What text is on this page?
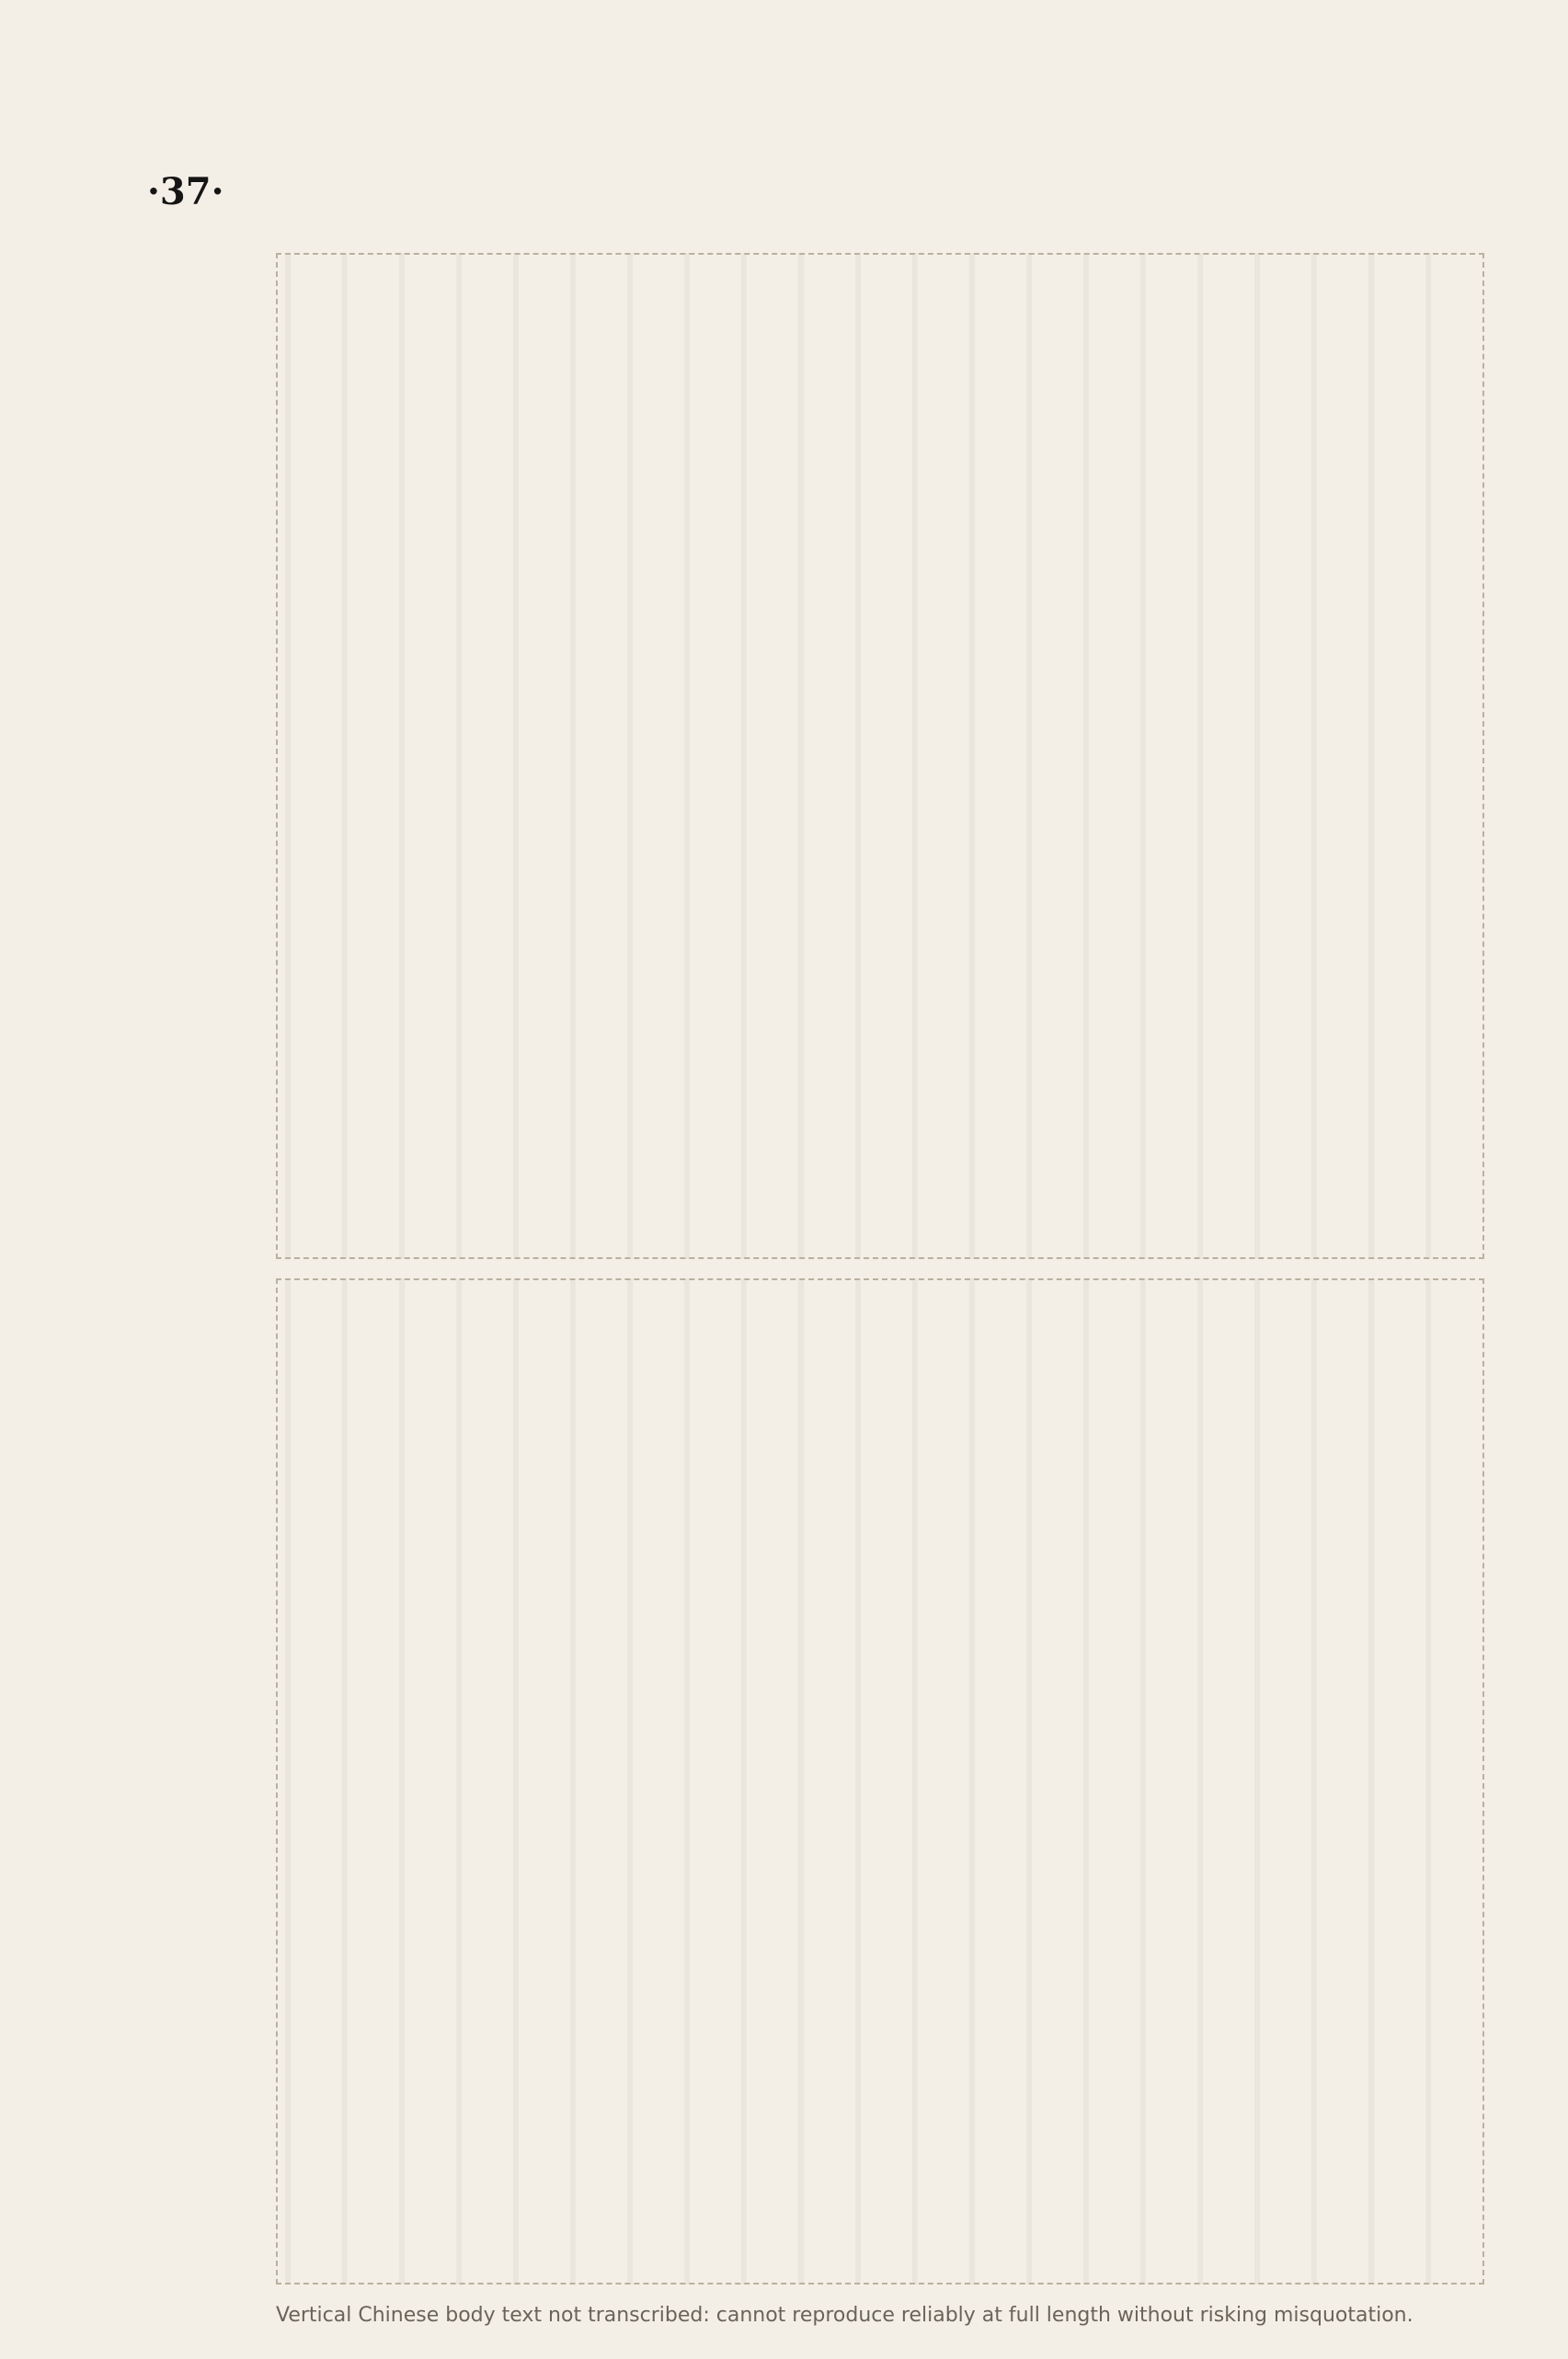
·37·
Vertical Chinese body text not transcribed: cannot reproduce reliably at full length without risking misquotation.
